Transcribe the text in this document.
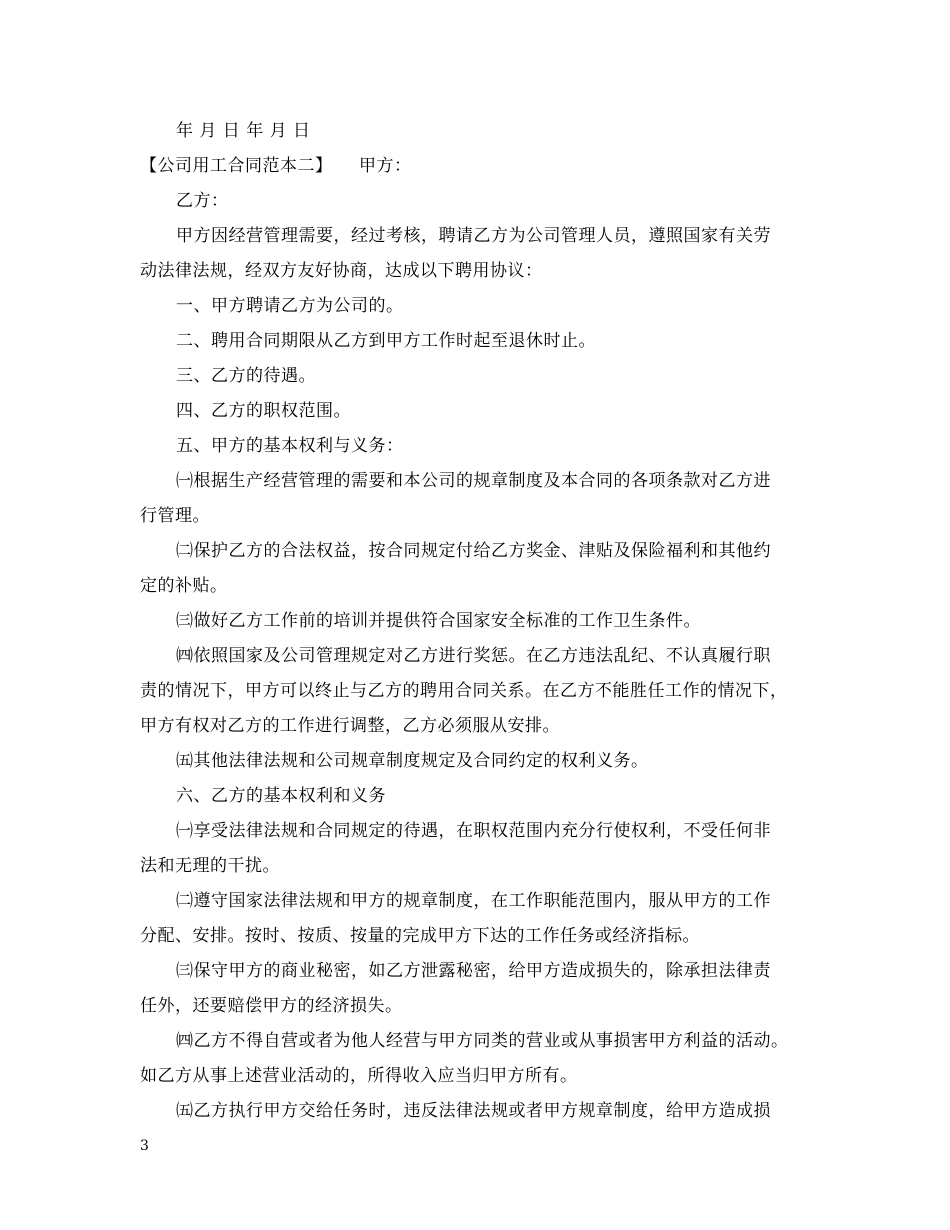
年 月 日 年 月 日
【公司用工合同范本二】　　甲方：
乙方：
甲方因经营管理需要，经过考核，聘请乙方为公司管理人员，遵照国家有关劳
动法律法规，经双方友好协商，达成以下聘用协议：
一、甲方聘请乙方为公司的。
二、聘用合同期限从乙方到甲方工作时起至退休时止。
三、乙方的待遇。
四、乙方的职权范围。
五、甲方的基本权利与义务：
㈠根据生产经营管理的需要和本公司的规章制度及本合同的各项条款对乙方进
行管理。
㈡保护乙方的合法权益，按合同规定付给乙方奖金、津贴及保险福利和其他约
定的补贴。
㈢做好乙方工作前的培训并提供符合国家安全标准的工作卫生条件。
㈣依照国家及公司管理规定对乙方进行奖惩。在乙方违法乱纪、不认真履行职
责的情况下，甲方可以终止与乙方的聘用合同关系。在乙方不能胜任工作的情况下，
甲方有权对乙方的工作进行调整，乙方必须服从安排。
㈤其他法律法规和公司规章制度规定及合同约定的权利义务。
六、乙方的基本权利和义务
㈠享受法律法规和合同规定的待遇，在职权范围内充分行使权利，不受任何非
法和无理的干扰。
㈡遵守国家法律法规和甲方的规章制度，在工作职能范围内，服从甲方的工作
分配、安排。按时、按质、按量的完成甲方下达的工作任务或经济指标。
㈢保守甲方的商业秘密，如乙方泄露秘密，给甲方造成损失的，除承担法律责
任外，还要赔偿甲方的经济损失。
㈣乙方不得自营或者为他人经营与甲方同类的营业或从事损害甲方利益的活动。
如乙方从事上述营业活动的，所得收入应当归甲方所有。
㈤乙方执行甲方交给任务时，违反法律法规或者甲方规章制度，给甲方造成损
3
